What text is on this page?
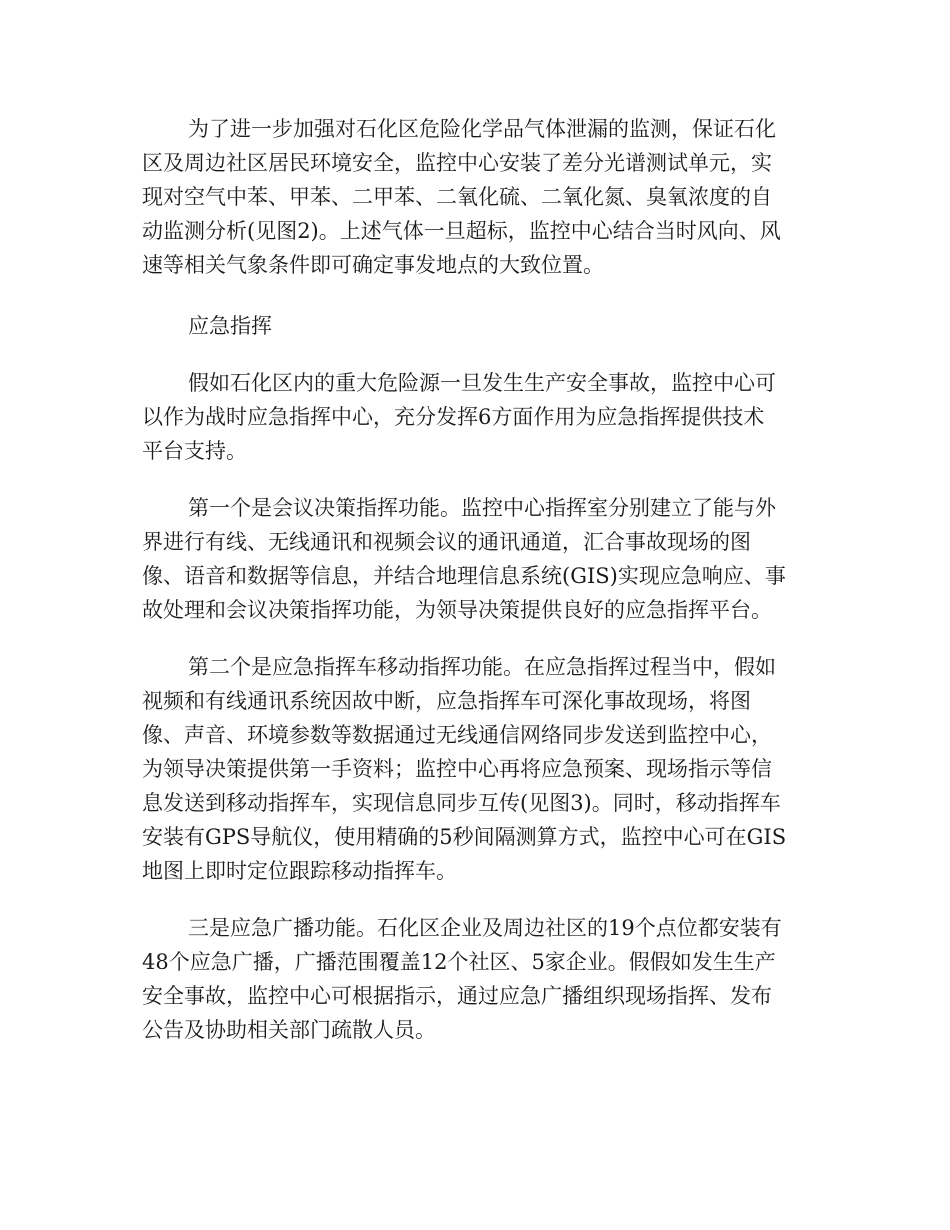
为了进一步加强对石化区危险化学品气体泄漏的监测，保证石化

区及周边社区居民环境安全，监控中心安装了差分光谱测试单元，实

现对空气中苯、甲苯、二甲苯、二氧化硫、二氧化氮、臭氧浓度的自

动监测分析(见图2)。上述气体一旦超标，监控中心结合当时风向、风

速等相关气象条件即可确定事发地点的大致位置。

应急指挥

假如石化区内的重大危险源一旦发生生产安全事故，监控中心可

以作为战时应急指挥中心，充分发挥6方面作用为应急指挥提供技术

平台支持。

第一个是会议决策指挥功能。监控中心指挥室分别建立了能与外

界进行有线、无线通讯和视频会议的通讯通道，汇合事故现场的图

像、语音和数据等信息，并结合地理信息系统(GIS)实现应急响应、事

故处理和会议决策指挥功能，为领导决策提供良好的应急指挥平台。

第二个是应急指挥车移动指挥功能。在应急指挥过程当中，假如

视频和有线通讯系统因故中断，应急指挥车可深化事故现场，将图

像、声音、环境参数等数据通过无线通信网络同步发送到监控中心，

为领导决策提供第一手资料；监控中心再将应急预案、现场指示等信

息发送到移动指挥车，实现信息同步互传(见图3)。同时，移动指挥车

安装有GPS导航仪，使用精确的5秒间隔测算方式，监控中心可在GIS

地图上即时定位跟踪移动指挥车。

三是应急广播功能。石化区企业及周边社区的19个点位都安装有

48个应急广播，广播范围覆盖12个社区、5家企业。假假如发生生产

安全事故，监控中心可根据指示，通过应急广播组织现场指挥、发布

公告及协助相关部门疏散人员。
